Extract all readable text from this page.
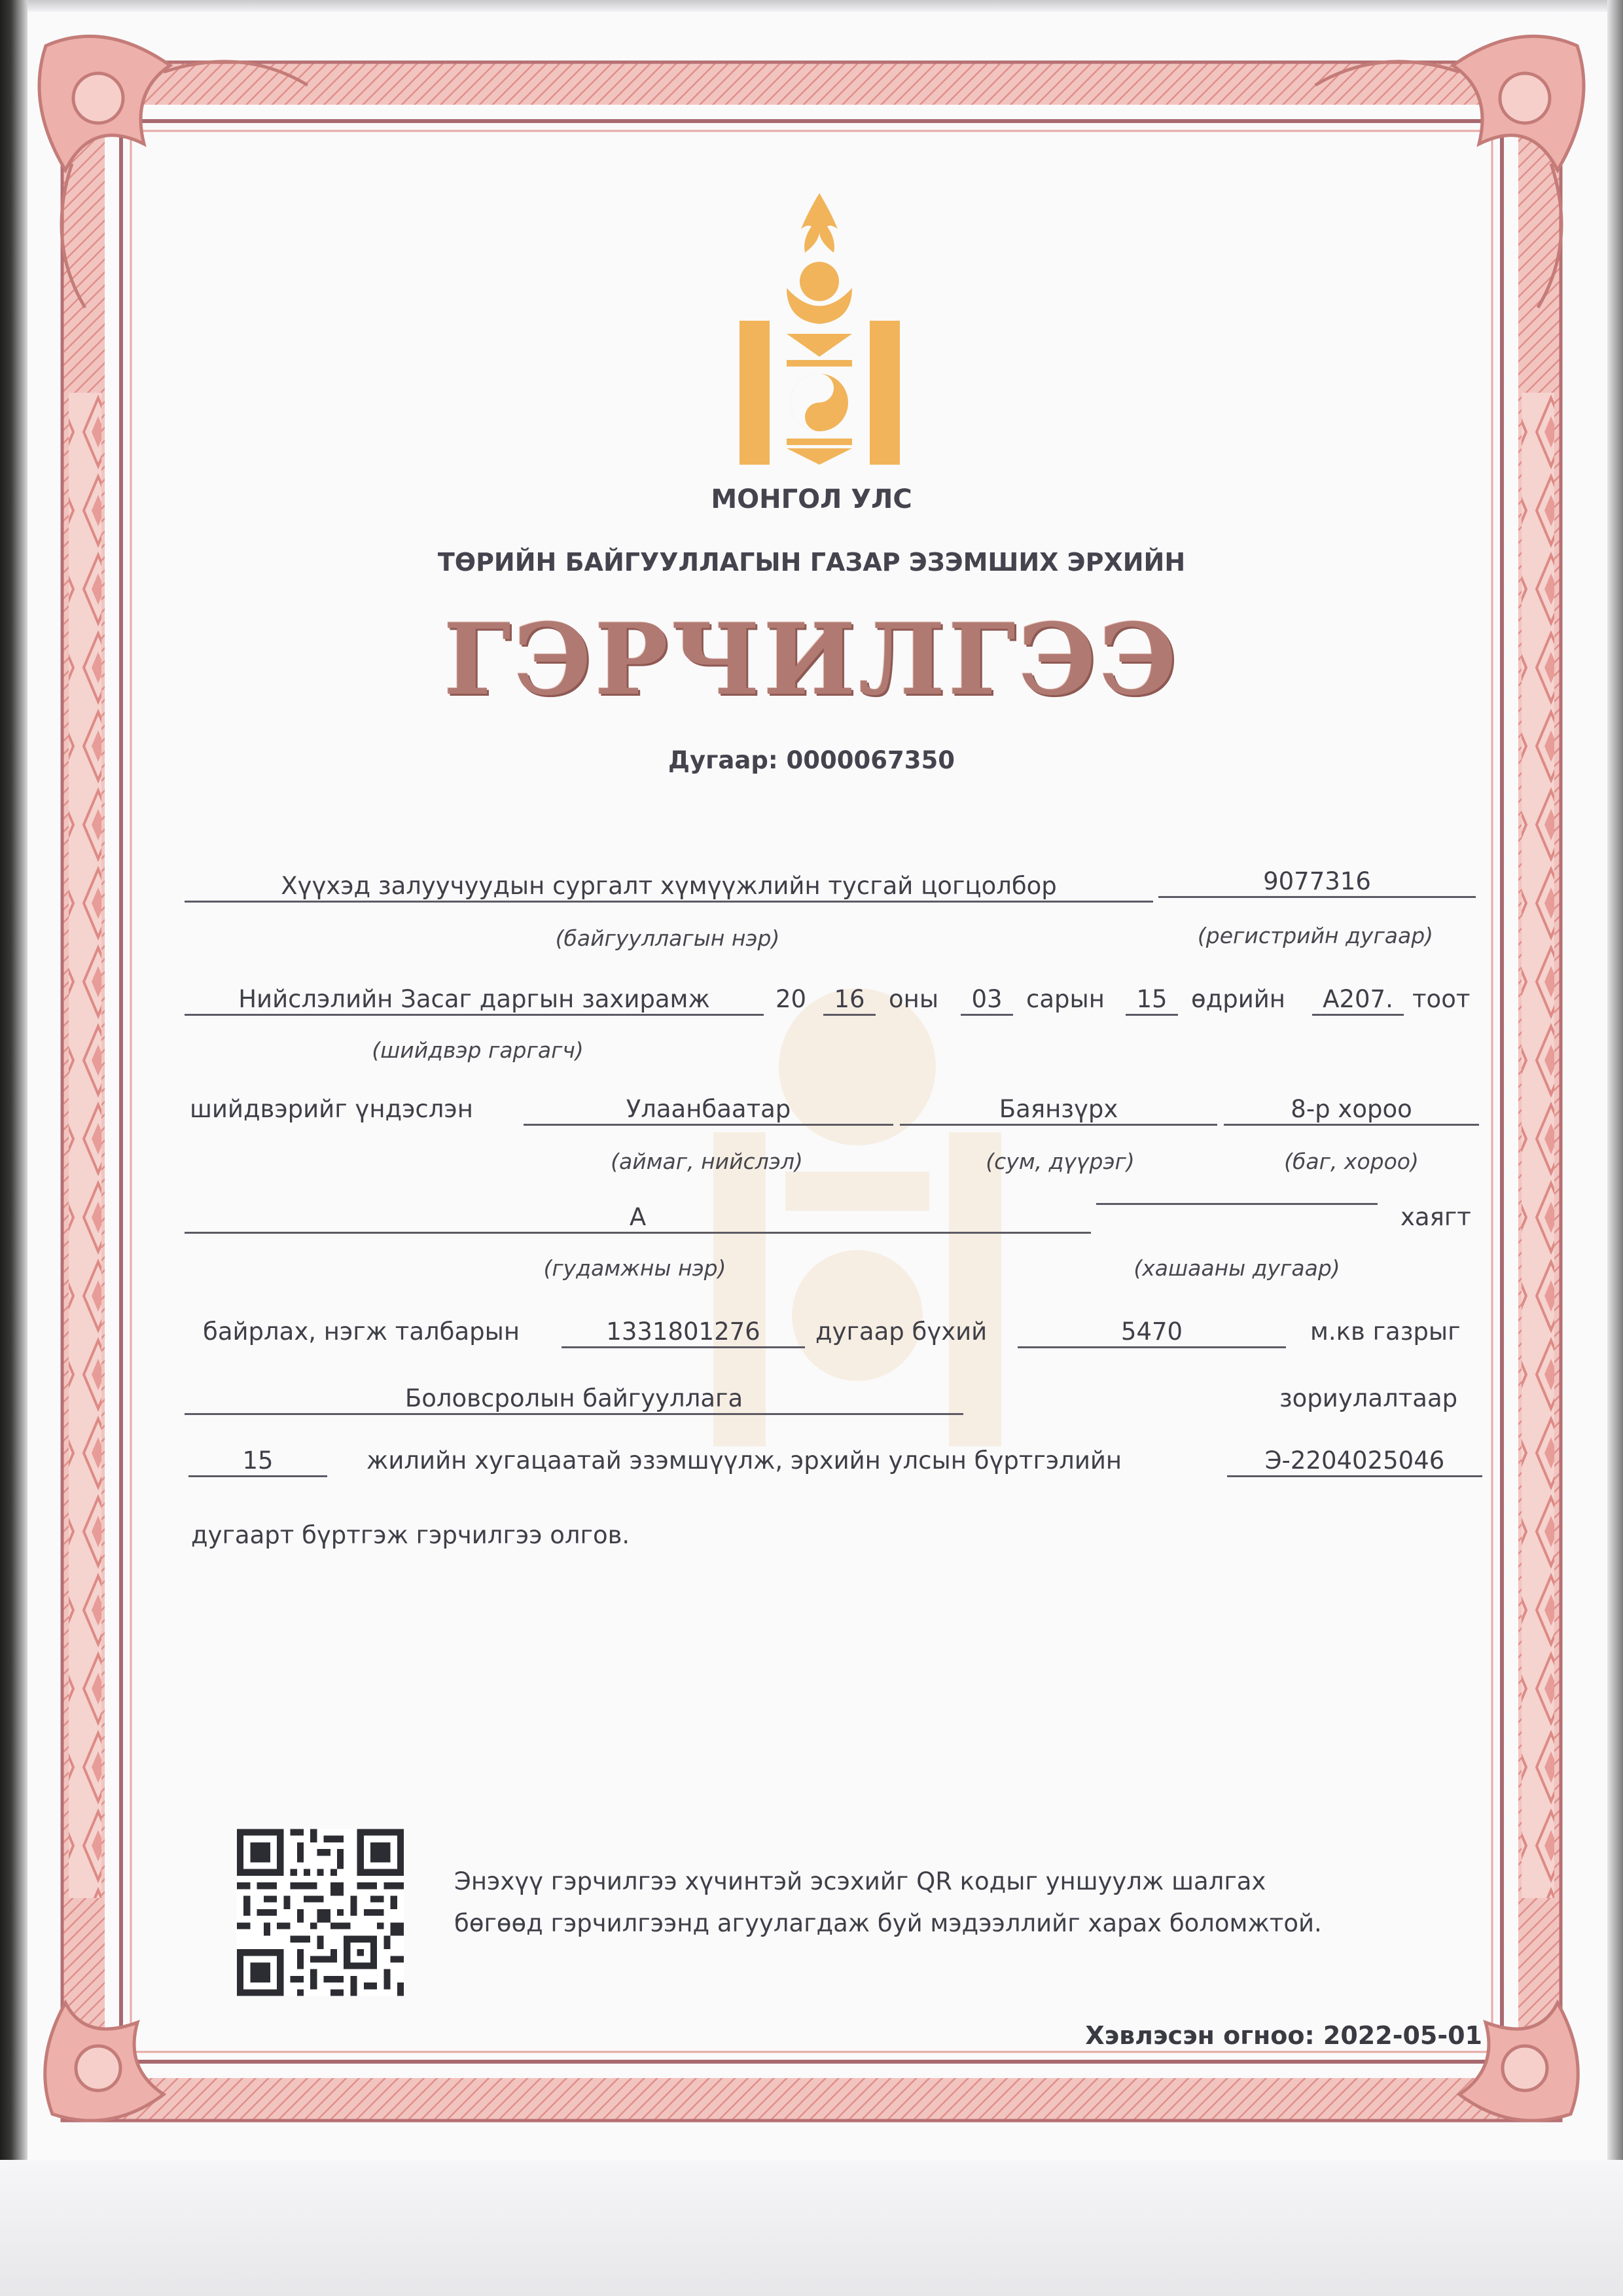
МОНГОЛ УЛС
ТӨРИЙН БАЙГУУЛЛАГЫН ГАЗАР ЭЗЭМШИХ ЭРХИЙН
ГЭРЧИЛГЭЭ
Дугаар: 0000067350
Хүүхэд залуучуудын сургалт хүмүүжлийн тусгай цогцолбор	9077316
(байгууллагын нэр)	(регистрийн дугаар)
Нийслэлийн Засаг даргын захирамж	20	16 оны	03 сарын	15 өдрийн	А207. тоот
(шийдвэр гаргагч)
шийдвэрийг үндэслэн	Улаанбаатар	Баянзүрх	8-р хороо
(аймаг, нийслэл)	(сум, дүүрэг)	(баг, хороо)
А	хаягт
(гудамжны нэр)	(хашааны дугаар)
байрлах, нэгж талбарын	1331801276	дугаар бүхий	5470	м.кв газрыг
Боловсролын байгууллага	зориулалтаар
15	жилийн хугацаатай эзэмшүүлж, эрхийн улсын бүртгэлийн	Э-2204025046
дугаарт бүртгэж гэрчилгээ олгов.
Энэхүү гэрчилгээ хүчинтэй эсэхийг QR кодыг уншуулж шалгах
бөгөөд гэрчилгээнд агуулагдаж буй мэдээллийг харах боломжтой.
Хэвлэсэн огноо: 2022-05-01
